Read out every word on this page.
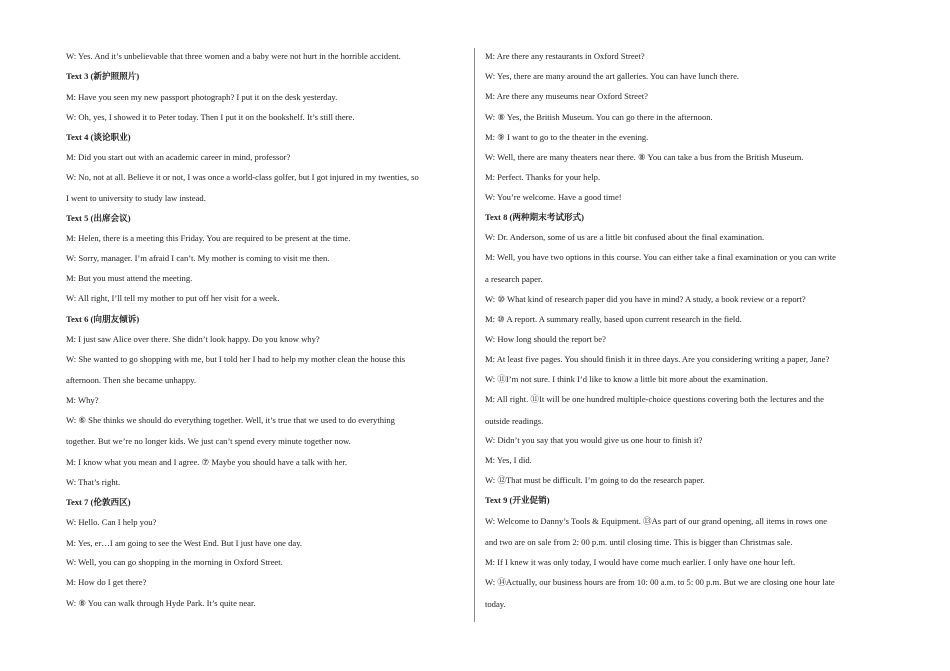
W: Yes. And it’s unbelievable that three women and a baby were not hurt in the horrible accident.
Text 3 (新护照照片)
M: Have you seen my new passport photograph? I put it on the desk yesterday.
W: Oh, yes, I showed it to Peter today. Then I put it on the bookshelf. It’s still there.
Text 4 (谈论职业)
M: Did you start out with an academic career in mind, professor?
W: No, not at all. Believe it or not, I was once a world-class golfer, but I got injured in my twenties, so
I went to university to study law instead.
Text 5 (出席会议)
M: Helen, there is a meeting this Friday. You are required to be present at the time.
W: Sorry, manager. I’m afraid I can’t. My mother is coming to visit me then.
M: But you must attend the meeting.
W: All right, I’ll tell my mother to put off her visit for a week.
Text 6 (向朋友倾诉)
M: I just saw Alice over there. She didn’t look happy. Do you know why?
W: She wanted to go shopping with me, but I told her I had to help my mother clean the house this
afternoon. Then she became unhappy.
M: Why?
W: ⑥ She thinks we should do everything together. Well, it’s true that we used to do everything
together. But we’re no longer kids. We just can’t spend every minute together now.
M: I know what you mean and I agree. ⑦ Maybe you should have a talk with her.
W: That’s right.
Text 7 (伦敦西区)
W: Hello. Can I help you?
M: Yes, er…I am going to see the West End. But I just have one day.
W: Well, you can go shopping in the morning in Oxford Street.
M: How do I get there?
W: ⑧ You can walk through Hyde Park. It’s quite near.
M: Are there any restaurants in Oxford Street?
W: Yes, there are many around the art galleries. You can have lunch there.
M: Are there any museums near Oxford Street?
W: ⑧ Yes, the British Museum. You can go there in the afternoon.
M: ⑨ I want to go to the theater in the evening.
W: Well, there are many theaters near there. ⑧ You can take a bus from the British Museum.
M: Perfect. Thanks for your help.
W: You’re welcome. Have a good time!
Text 8 (两种期末考试形式)
W: Dr. Anderson, some of us are a little bit confused about the final examination.
M: Well, you have two options in this course. You can either take a final examination or you can write
a research paper.
W: ⑩ What kind of research paper did you have in mind? A study, a book review or a report?
M: ⑩ A report. A summary really, based upon current research in the field.
W: How long should the report be?
M: At least five pages. You should finish it in three days. Are you considering writing a paper, Jane?
W: ⑪I’m not sure. I think I’d like to know a little bit more about the examination.
M: All right. ⑪It will be one hundred multiple-choice questions covering both the lectures and the
outside readings.
W: Didn’t you say that you would give us one hour to finish it?
M: Yes, I did.
W: ⑫That must be difficult. I’m going to do the research paper.
Text 9 (开业促销)
W: Welcome to Danny’s Tools & Equipment. ⑬As part of our grand opening, all items in rows one
and two are on sale from 2: 00 p.m. until closing time. This is bigger than Christmas sale.
M: If I knew it was only today, I would have come much earlier. I only have one hour left.
W: ⑭Actually, our business hours are from 10: 00 a.m. to 5: 00 p.m. But we are closing one hour late
today.
